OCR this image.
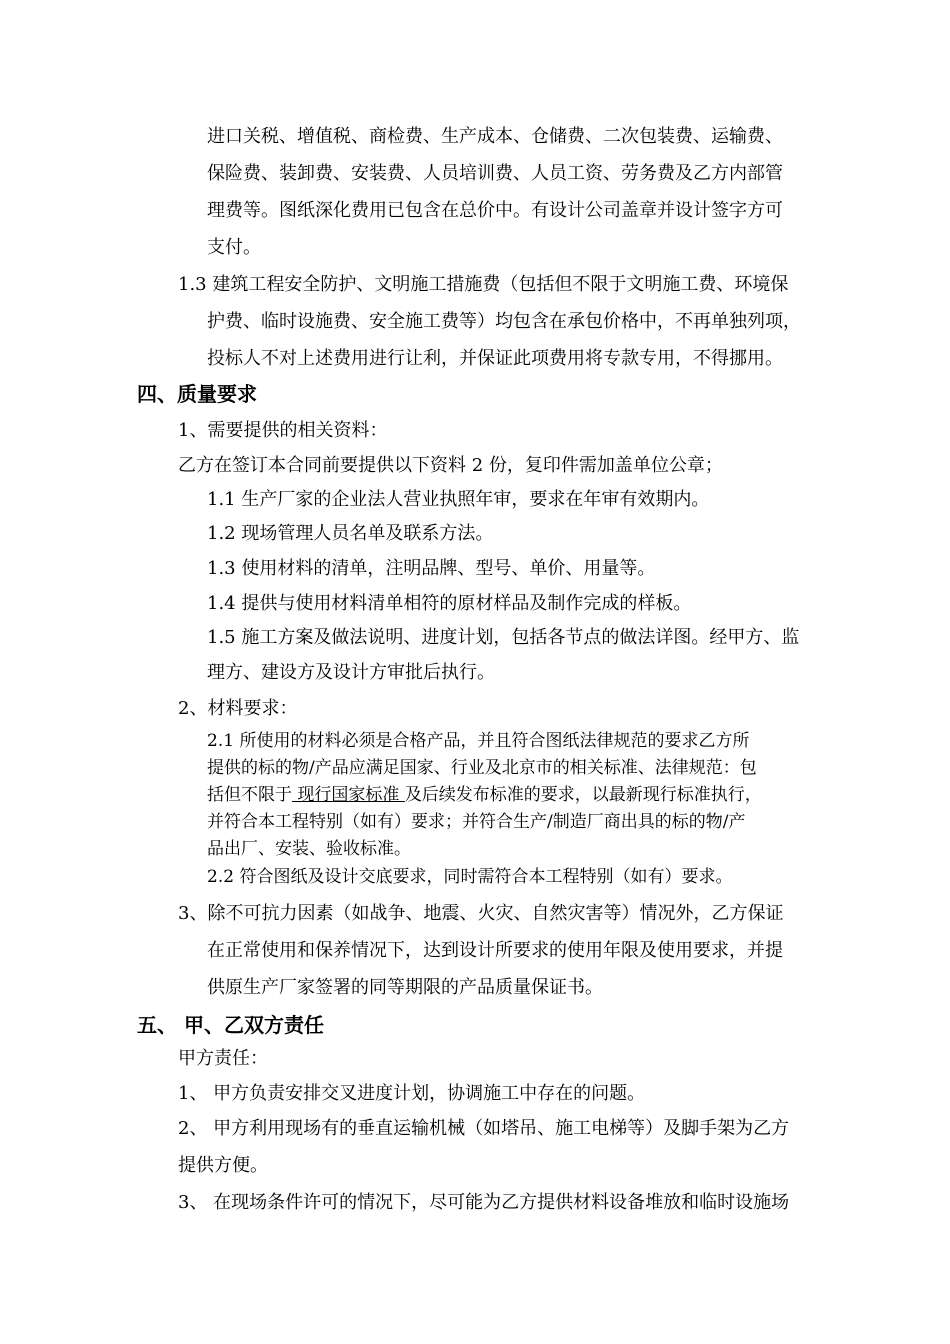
进口关税、增值税、商检费、生产成本、仓储费、二次包装费、运输费、
保险费、装卸费、安装费、人员培训费、人员工资、劳务费及乙方内部管
理费等。图纸深化费用已包含在总价中。有设计公司盖章并设计签字方可
支付。
1.3 建筑工程安全防护、文明施工措施费（包括但不限于文明施工费、环境保
护费、临时设施费、安全施工费等）均包含在承包价格中，不再单独列项，
投标人不对上述费用进行让利，并保证此项费用将专款专用，不得挪用。
四、质量要求
1、需要提供的相关资料：
乙方在签订本合同前要提供以下资料 2 份，复印件需加盖单位公章；
1.1 生产厂家的企业法人营业执照年审，要求在年审有效期内。
1.2 现场管理人员名单及联系方法。
1.3 使用材料的清单，注明品牌、型号、单价、用量等。
1.4 提供与使用材料清单相符的原材样品及制作完成的样板。
1.5 施工方案及做法说明、进度计划，包括各节点的做法详图。经甲方、监
理方、建设方及设计方审批后执行。
2、材料要求：
2.1 所使用的材料必须是合格产品，并且符合图纸法律规范的要求乙方所
提供的标的物/产品应满足国家、行业及北京市的相关标准、法律规范：包
括但不限于 现行国家标准 及后续发布标准的要求，以最新现行标准执行，
并符合本工程特别（如有）要求；并符合生产/制造厂商出具的标的物/产
品出厂、安装、验收标准。
2.2 符合图纸及设计交底要求，同时需符合本工程特别（如有）要求。
3、除不可抗力因素（如战争、地震、火灾、自然灾害等）情况外，乙方保证
在正常使用和保养情况下，达到设计所要求的使用年限及使用要求，并提
供原生产厂家签署的同等期限的产品质量保证书。
五、 甲、乙双方责任
甲方责任：
1、 甲方负责安排交叉进度计划，协调施工中存在的问题。
2、 甲方利用现场有的垂直运输机械（如塔吊、施工电梯等）及脚手架为乙方
提供方便。
3、 在现场条件许可的情况下，尽可能为乙方提供材料设备堆放和临时设施场
